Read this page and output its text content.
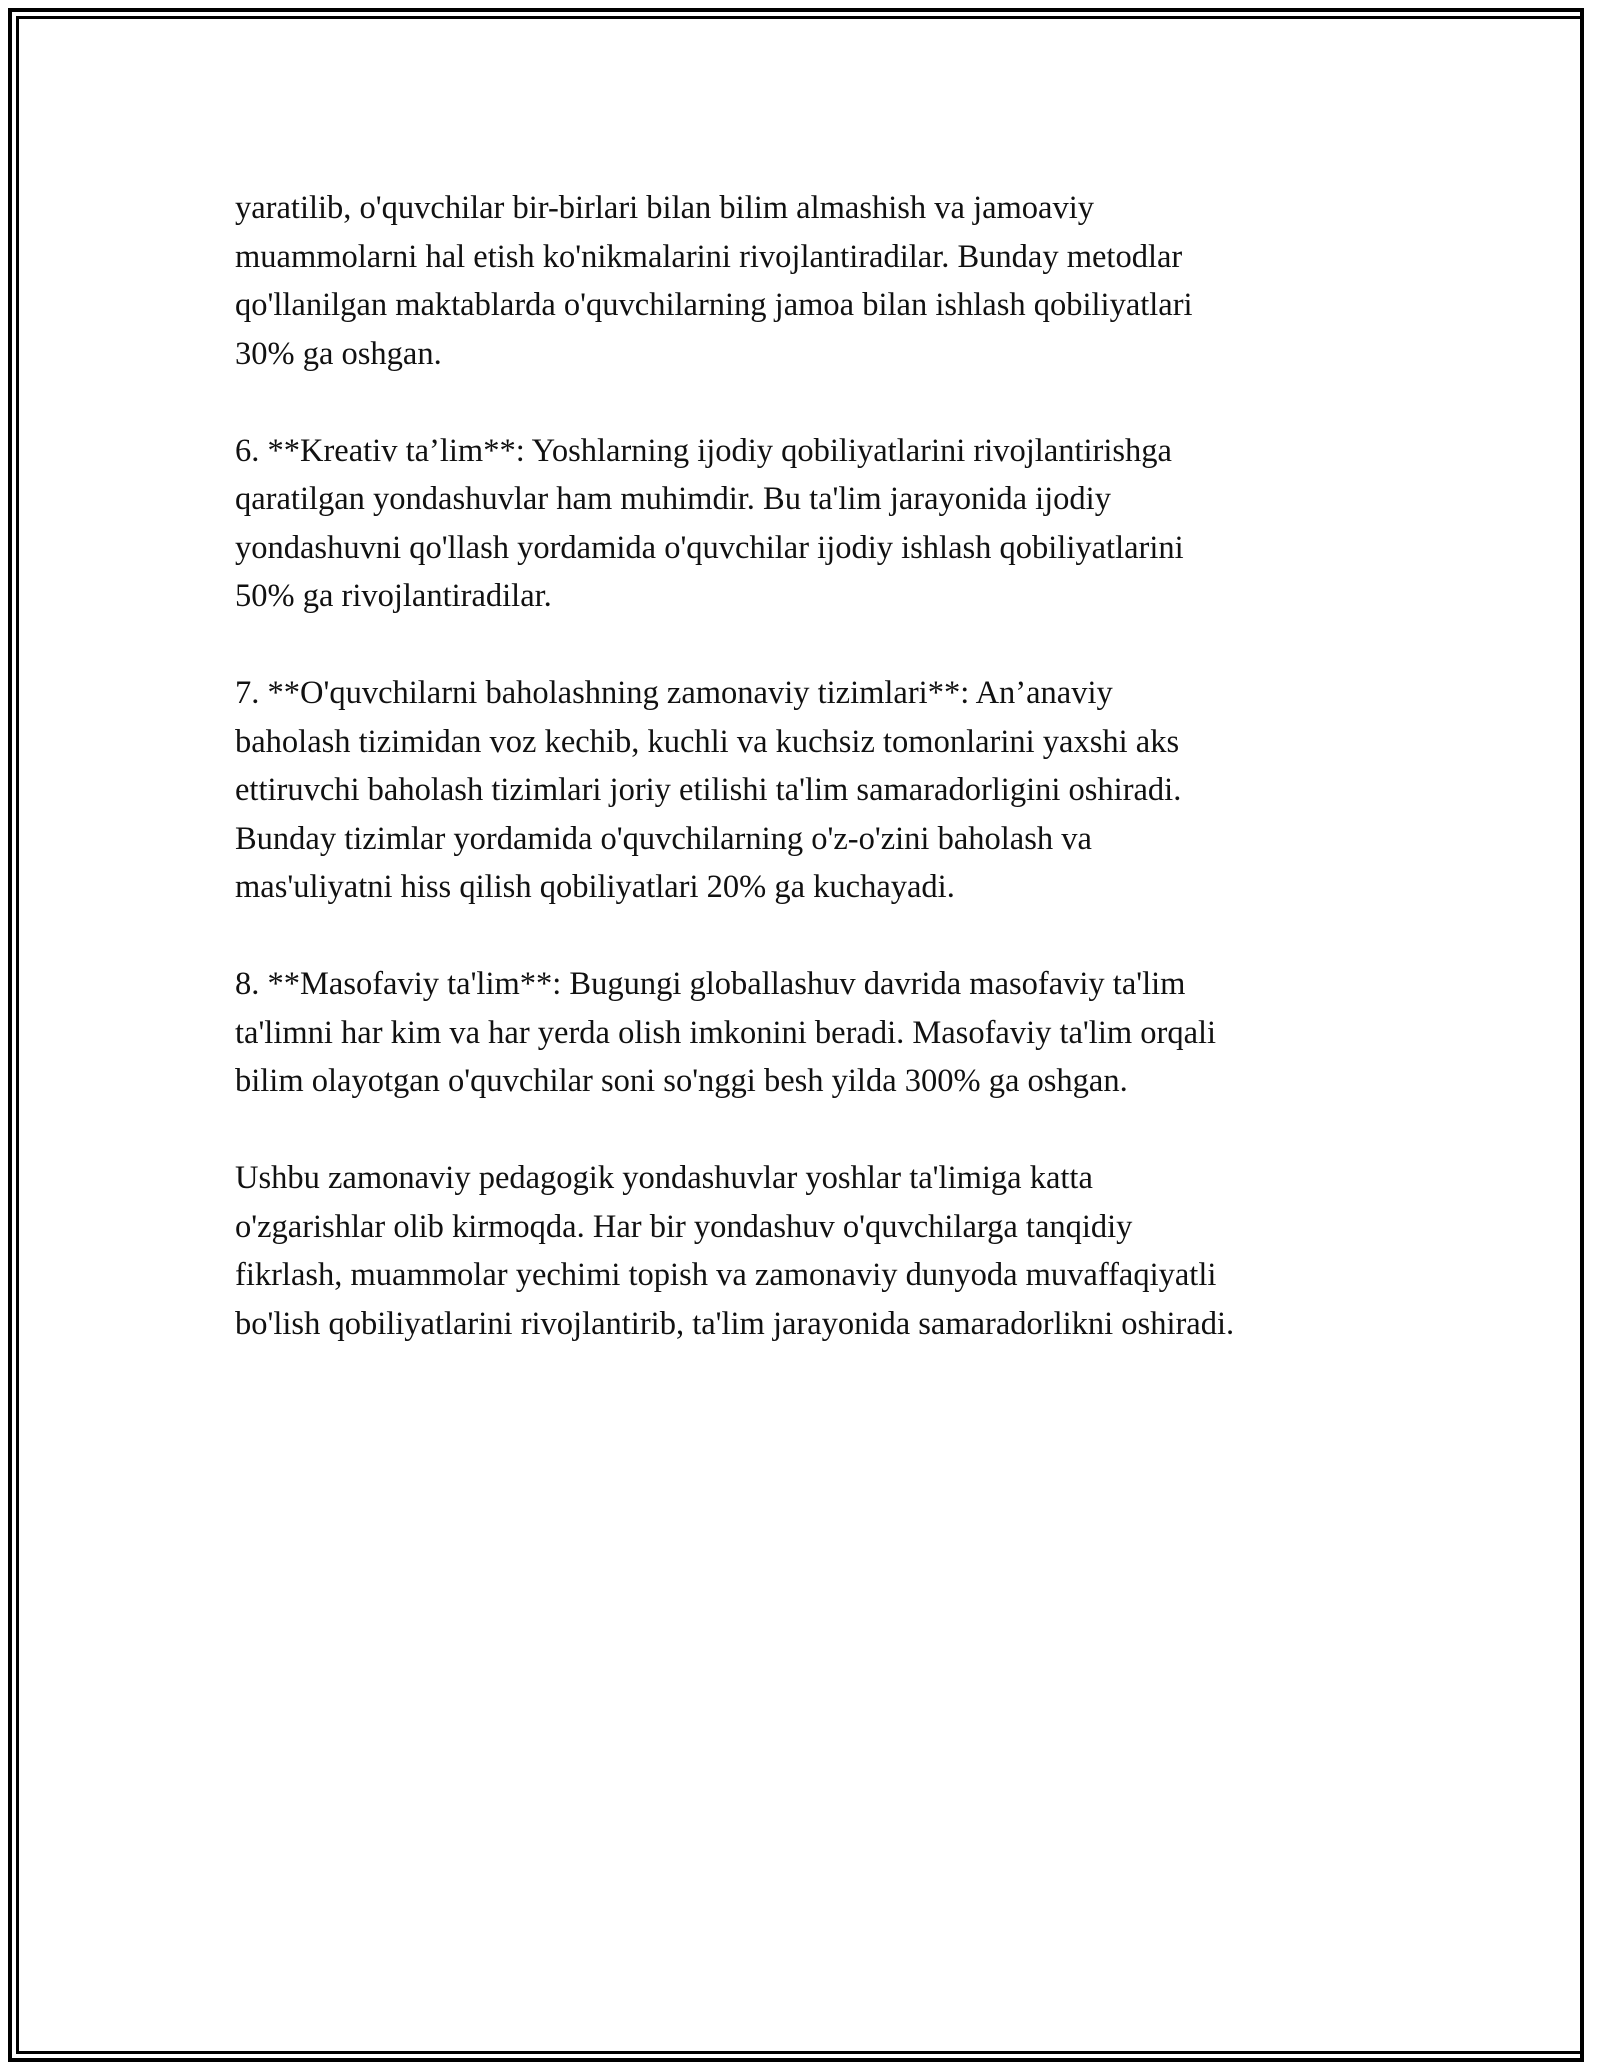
yaratilib, o'quvchilar bir-birlari bilan bilim almashish va jamoaviy
muammolarni hal etish ko'nikmalarini rivojlantiradilar. Bunday metodlar
qo'llanilgan maktablarda o'quvchilarning jamoa bilan ishlash qobiliyatlari
30% ga oshgan.

6. **Kreativ ta’lim**: Yoshlarning ijodiy qobiliyatlarini rivojlantirishga
qaratilgan yondashuvlar ham muhimdir. Bu ta'lim jarayonida ijodiy
yondashuvni qo'llash yordamida o'quvchilar ijodiy ishlash qobiliyatlarini
50% ga rivojlantiradilar.

7. **O'quvchilarni baholashning zamonaviy tizimlari**: An’anaviy
baholash tizimidan voz kechib, kuchli va kuchsiz tomonlarini yaxshi aks
ettiruvchi baholash tizimlari joriy etilishi ta'lim samaradorligini oshiradi.
Bunday tizimlar yordamida o'quvchilarning o'z-o'zini baholash va
mas'uliyatni hiss qilish qobiliyatlari 20% ga kuchayadi.

8. **Masofaviy ta'lim**: Bugungi globallashuv davrida masofaviy ta'lim
ta'limni har kim va har yerda olish imkonini beradi. Masofaviy ta'lim orqali
bilim olayotgan o'quvchilar soni so'nggi besh yilda 300% ga oshgan.

Ushbu zamonaviy pedagogik yondashuvlar yoshlar ta'limiga katta
o'zgarishlar olib kirmoqda. Har bir yondashuv o'quvchilarga tanqidiy
fikrlash, muammolar yechimi topish va zamonaviy dunyoda muvaffaqiyatli
bo'lish qobiliyatlarini rivojlantirib, ta'lim jarayonida samaradorlikni oshiradi.
